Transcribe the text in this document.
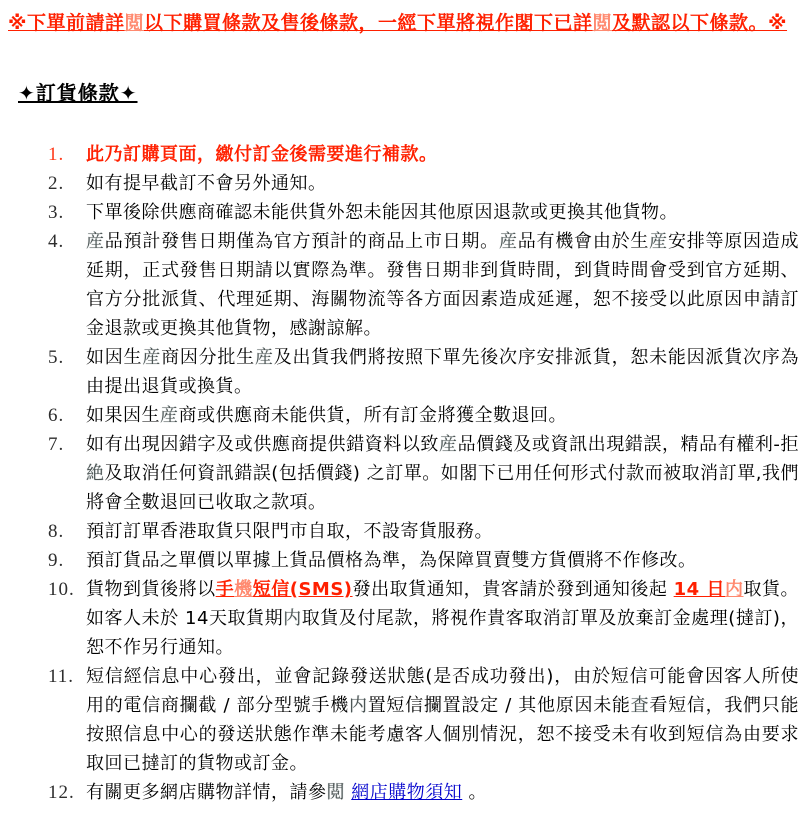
※下單前請詳閲以下購買條款及售後條款，一經下單將視作閣下已詳閲及默認以下條款。※

✦訂貨條款✦
1.	此乃訂購頁面，繳付訂金後需要進行補款。
2.	如有提早截訂不會另外通知。
3.	下單後除供應商確認未能供貨外恕未能因其他原因退款或更換其他貨物。
4.	産品預計發售日期僅為官方預計的商品上市日期。産品有機會由於生産安排等原因造成延期，正式發售日期請以實際為準。發售日期非到貨時間，到貨時間會受到官方延期、官方分批派貨、代理延期、海關物流等各方面因素造成延遲，恕不接受以此原因申請訂金退款或更換其他貨物，感謝諒解。
5.	如因生産商因分批生産及出貨我們將按照下單先後次序安排派貨，恕未能因派貨次序為由提出退貨或換貨。
6.	如果因生産商或供應商未能供貨，所有訂金將獲全數退回。
7.	如有出現因錯字及或供應商提供錯資料以致産品價錢及或資訊出現錯誤，精品有權利-拒絶及取消任何資訊錯誤(包括價錢) 之訂單。如閣下已用任何形式付款而被取消訂單,我們將會全數退回已收取之款項。
8.	預訂訂單香港取貨只限門市自取，不設寄貨服務。
9.	預訂貨品之單價以單據上貨品價格為準，為保障買賣雙方貨價將不作修改。
10. 貨物到貨後將以手機短信(SMS)發出取貨通知，貴客請於發到通知後起 14 日内取貨。如客人未於 14天取貨期内取貨及付尾款，將視作貴客取消訂單及放棄訂金處理(撻訂)，恕不作另行通知。
11. 短信經信息中心發出，並會記錄發送狀態(是否成功發出)，由於短信可能會因客人所使用的電信商攔截 / 部分型號手機内置短信攔置設定 / 其他原因未能査看短信，我們只能按照信息中心的發送狀態作準未能考慮客人個別情況，恕不接受未有收到短信為由要求取回已撻訂的貨物或訂金。
12. 有關更多網店購物詳情，請參閲 網店購物須知 。
